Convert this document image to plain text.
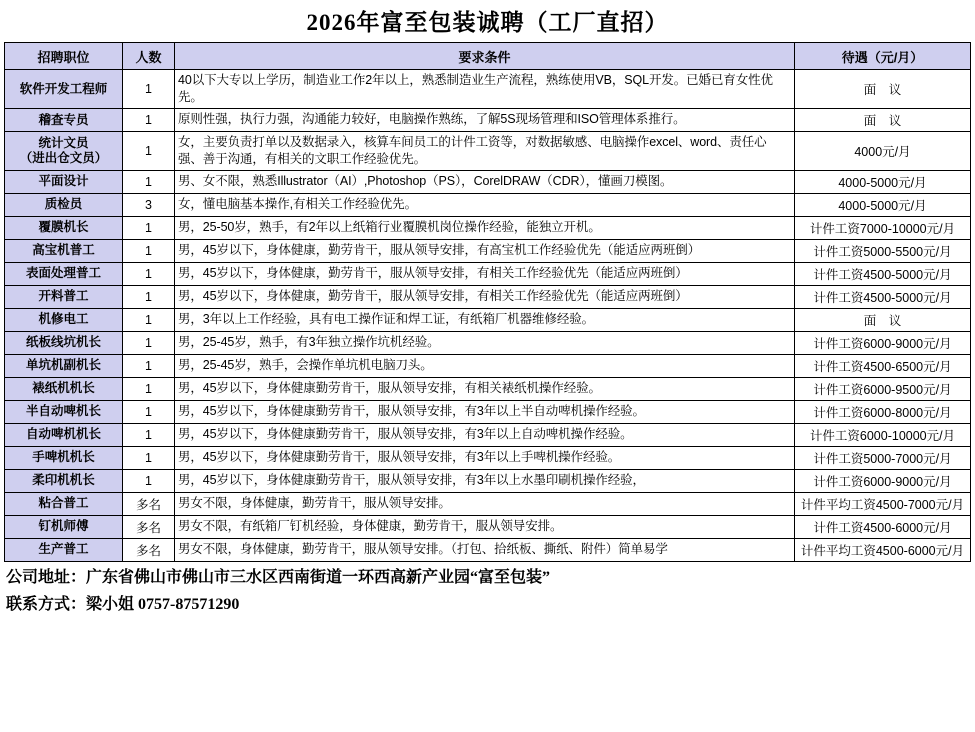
2026年富至包装诚聘（工厂直招）
招聘职位	人数	要求条件	待遇（元/月）
软件开发工程师	1	40以下大专以上学历，制造业工作2年以上，熟悉制造业生产流程，熟练使用VB，SQL开发。已婚已育女性优先。	面　议
稽查专员	1	原则性强，执行力强，沟通能力较好，电脑操作熟练，了解5S现场管理和ISO管理体系推行。	面　议
统计文员
（进出仓文员）	1	女，主要负责打单以及数据录入，核算车间员工的计件工资等，对数据敏感、电脑操作excel、word、责任心强、善于沟通，有相关的文职工作经验优先。	4000元/月
平面设计	1	男、女不限，熟悉Illustrator（AI）,Photoshop（PS），CorelDRAW（CDR），懂画刀模图。	4000-5000元/月
质检员	3	女，懂电脑基本操作,有相关工作经验优先。	4000-5000元/月
覆膜机长	1	男，25-50岁，熟手，有2年以上纸箱行业覆膜机岗位操作经验，能独立开机。	计件工资7000-10000元/月
高宝机普工	1	男，45岁以下，身体健康，勤劳肯干，服从领导安排，有高宝机工作经验优先（能适应两班倒）	计件工资5000-5500元/月
表面处理普工	1	男，45岁以下，身体健康，勤劳肯干，服从领导安排，有相关工作经验优先（能适应两班倒）	计件工资4500-5000元/月
开料普工	1	男，45岁以下，身体健康，勤劳肯干，服从领导安排，有相关工作经验优先（能适应两班倒）	计件工资4500-5000元/月
机修电工	1	男，3年以上工作经验，具有电工操作证和焊工证，有纸箱厂机器维修经验。	面　议
纸板线坑机长	1	男，25-45岁，熟手，有3年独立操作坑机经验。	计件工资6000-9000元/月
单坑机副机长	1	男，25-45岁，熟手，会操作单坑机电脑刀头。	计件工资4500-6500元/月
裱纸机机长	1	男，45岁以下，身体健康勤劳肯干，服从领导安排，有相关裱纸机操作经验。	计件工资6000-9500元/月
半自动啤机长	1	男，45岁以下，身体健康勤劳肯干，服从领导安排，有3年以上半自动啤机操作经验。	计件工资6000-8000元/月
自动啤机机长	1	男，45岁以下，身体健康勤劳肯干，服从领导安排，有3年以上自动啤机操作经验。	计件工资6000-10000元/月
手啤机机长	1	男，45岁以下，身体健康勤劳肯干，服从领导安排，有3年以上手啤机操作经验。	计件工资5000-7000元/月
柔印机机长	1	男，45岁以下，身体健康勤劳肯干，服从领导安排，有3年以上水墨印刷机操作经验，	计件工资6000-9000元/月
粘合普工	多名	男女不限，身体健康，勤劳肯干，服从领导安排。	计件平均工资4500-7000元/月
钉机师傅	多名	男女不限，有纸箱厂钉机经验，身体健康，勤劳肯干，服从领导安排。	计件工资4500-6000元/月
生产普工	多名	男女不限，身体健康，勤劳肯干，服从领导安排。（打包、拾纸板、撕纸、附件）简单易学	计件平均工资4500-6000元/月
公司地址：广东省佛山市佛山市三水区西南街道一环西高新产业园“富至包装”
联系方式：梁小姐 0757-87571290
